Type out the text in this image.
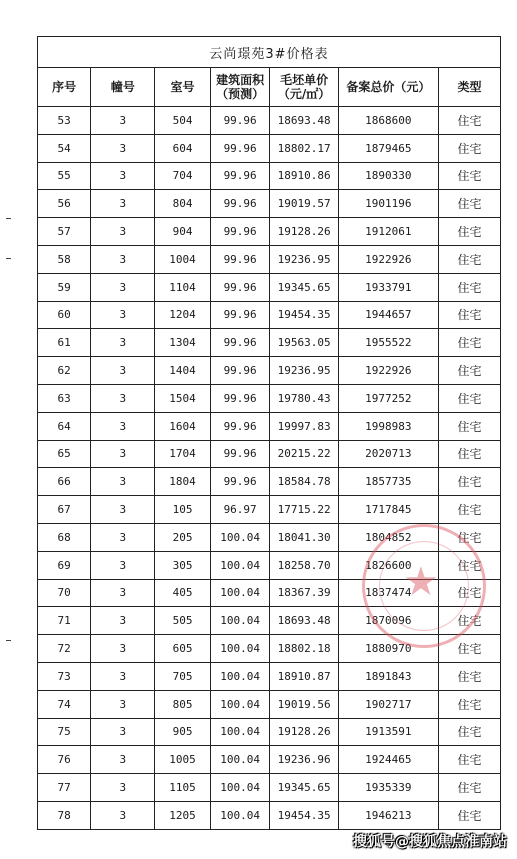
云尚璟苑3#价格表						
序号	幢号	室号	建筑面积（预测）	毛坯单价（元/㎡）	备案总价（元）	类型
53	3	504	99.96	18693.48	1868600	住宅
54	3	604	99.96	18802.17	1879465	住宅
55	3	704	99.96	18910.86	1890330	住宅
56	3	804	99.96	19019.57	1901196	住宅
57	3	904	99.96	19128.26	1912061	住宅
58	3	1004	99.96	19236.95	1922926	住宅
59	3	1104	99.96	19345.65	1933791	住宅
60	3	1204	99.96	19454.35	1944657	住宅
61	3	1304	99.96	19563.05	1955522	住宅
62	3	1404	99.96	19236.95	1922926	住宅
63	3	1504	99.96	19780.43	1977252	住宅
64	3	1604	99.96	19997.83	1998983	住宅
65	3	1704	99.96	20215.22	2020713	住宅
66	3	1804	99.96	18584.78	1857735	住宅
67	3	105	96.97	17715.22	1717845	住宅
68	3	205	100.04	18041.30	1804852	住宅
69	3	305	100.04	18258.70	1826600	住宅
70	3	405	100.04	18367.39	1837474	住宅
71	3	505	100.04	18693.48	1870096	住宅
72	3	605	100.04	18802.18	1880970	住宅
73	3	705	100.04	18910.87	1891843	住宅
74	3	805	100.04	19019.56	1902717	住宅
75	3	905	100.04	19128.26	1913591	住宅
76	3	1005	100.04	19236.96	1924465	住宅
77	3	1105	100.04	19345.65	1935339	住宅
78	3	1205	100.04	19454.35	1946213	住宅
★
搜狐号@搜狐焦点淮南站
